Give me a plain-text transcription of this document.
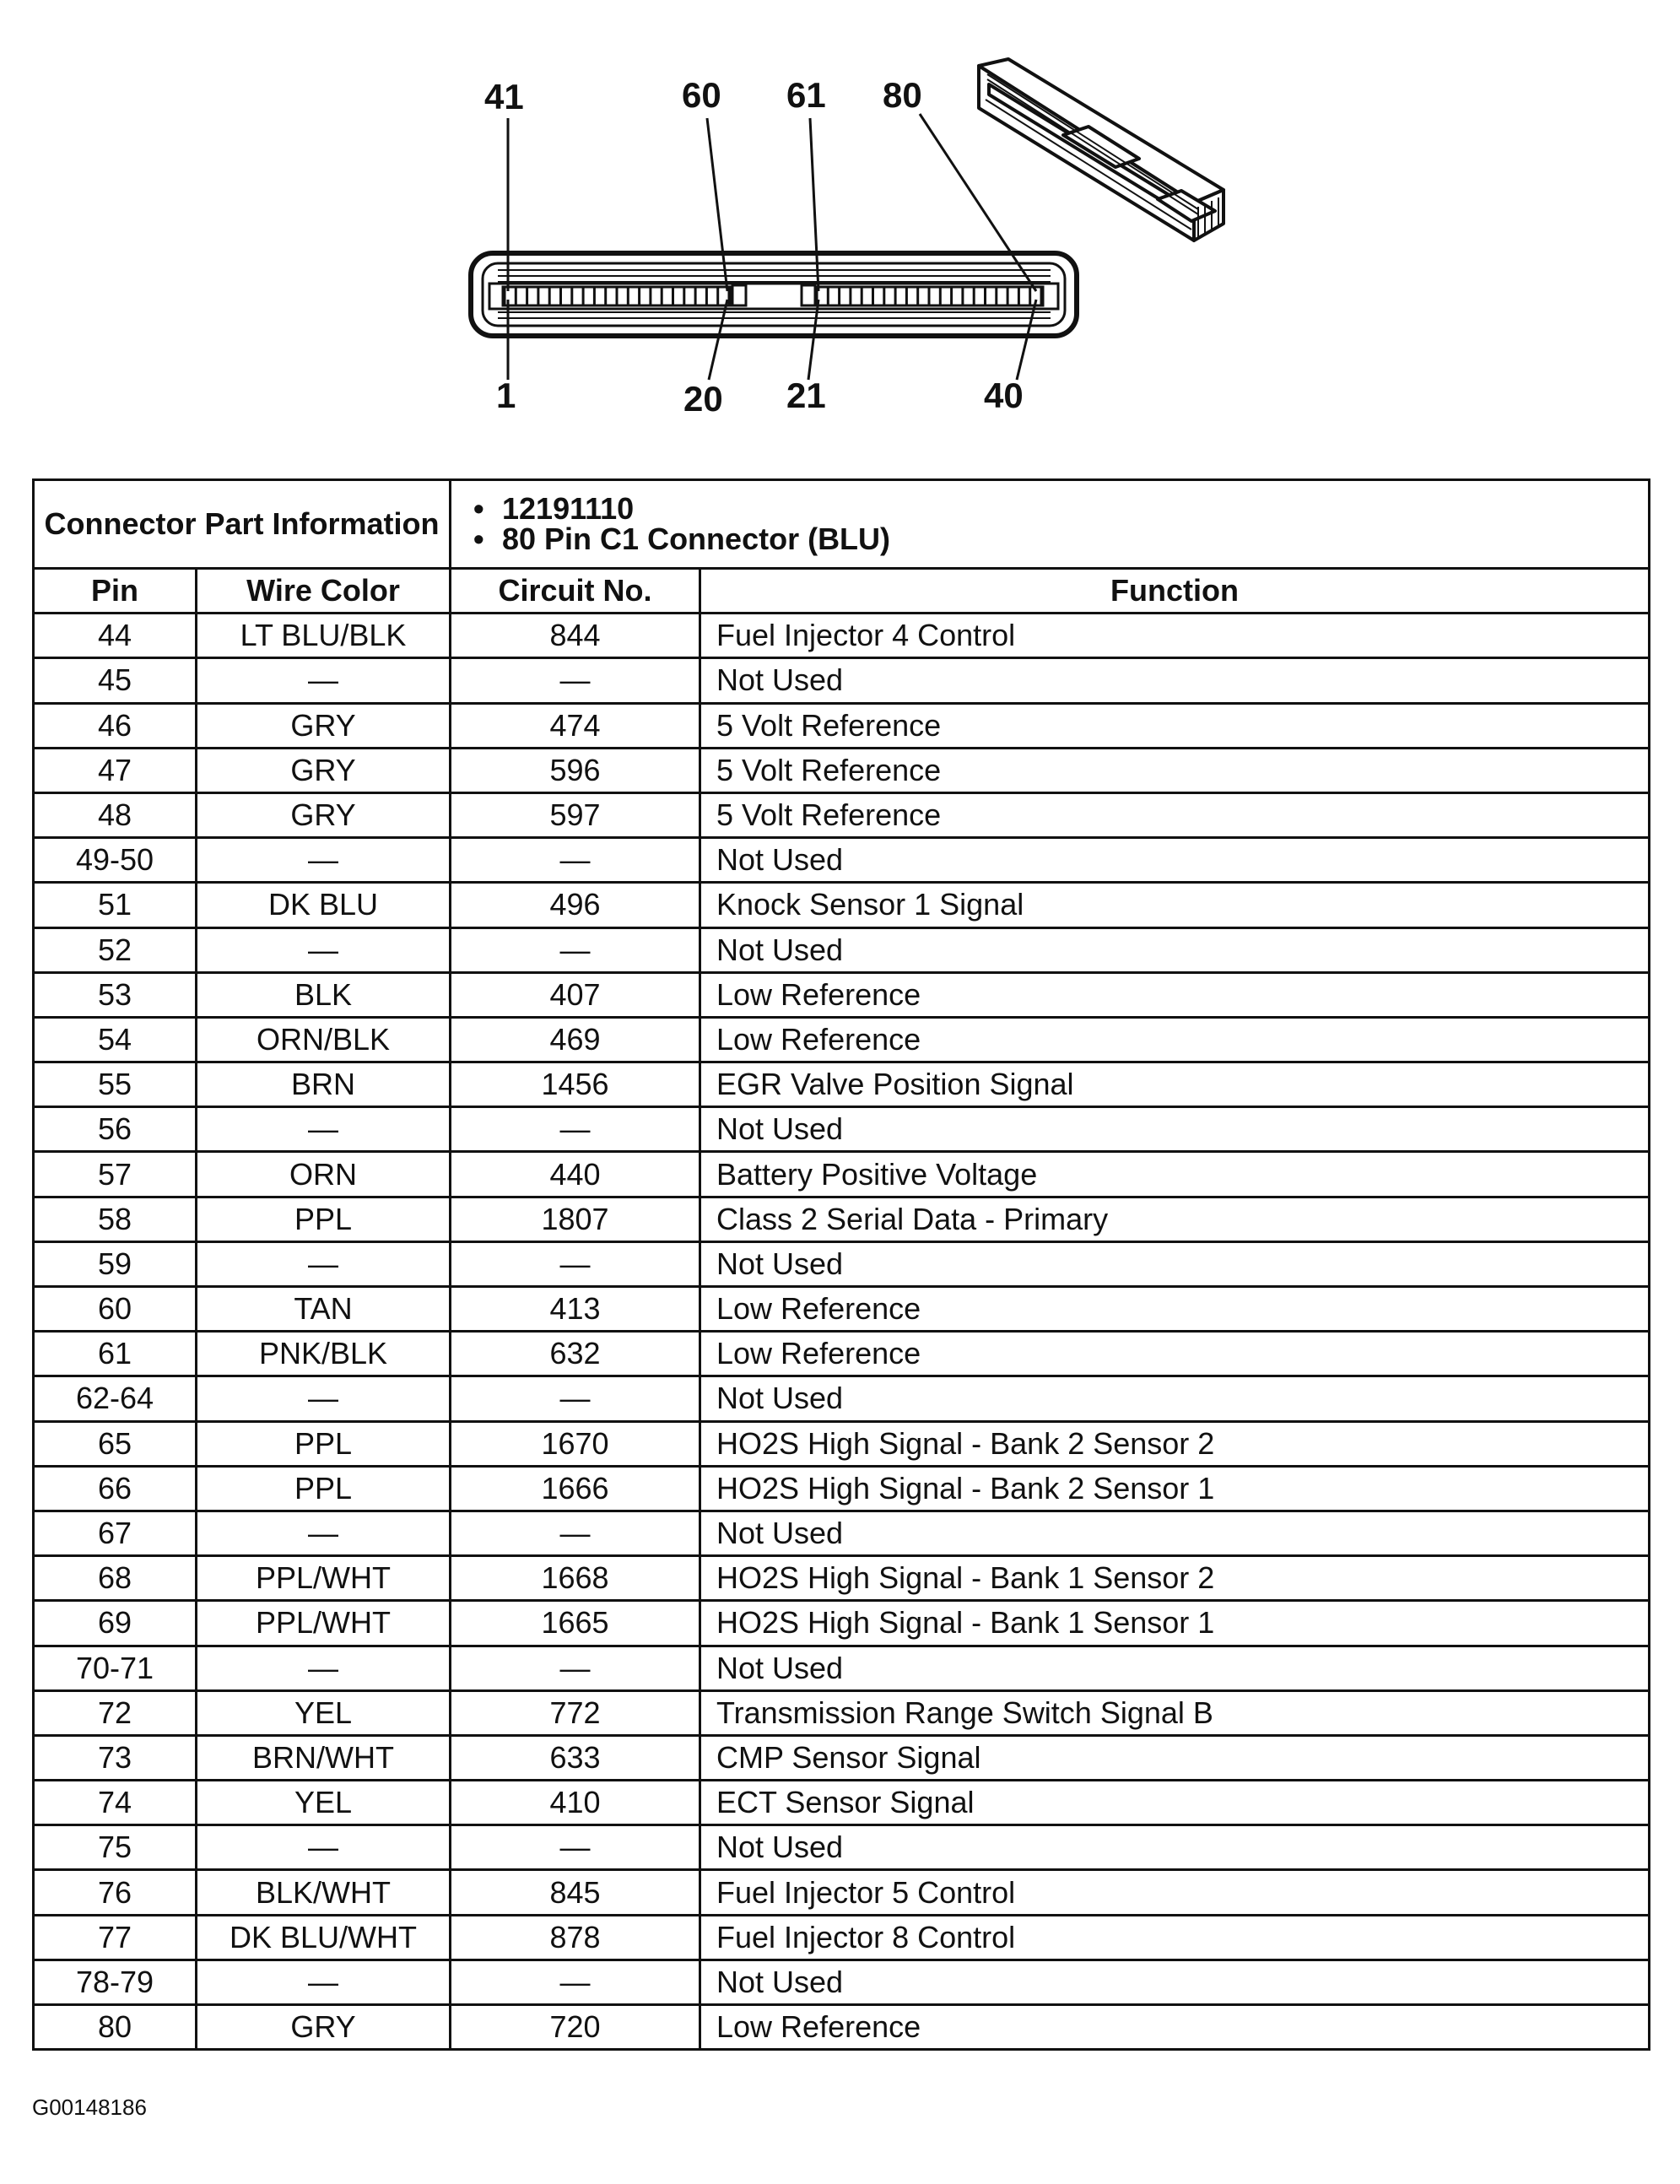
41	60 61 80
1	20 21	40
Connector Part Information		• 12191110
• 80 Pin C1 Connector (BLU)

Pin	Wire Color	Circuit No.	Function
44	LT BLU/BLK	844	Fuel Injector 4 Control
45	—	—	Not Used
46	GRY	474	5 Volt Reference
47	GRY	596	5 Volt Reference
48	GRY	597	5 Volt Reference
49-50	—	—	Not Used
51	DK BLU	496	Knock Sensor 1 Signal
52	—	—	Not Used
53	BLK	407	Low Reference
54	ORN/BLK	469	Low Reference
55	BRN	1456	EGR Valve Position Signal
56	—	—	Not Used
57	ORN	440	Battery Positive Voltage
58	PPL	1807	Class 2 Serial Data - Primary
59	—	—	Not Used
60	TAN	413	Low Reference
61	PNK/BLK	632	Low Reference
62-64	—	—	Not Used
65	PPL	1670	HO2S High Signal - Bank 2 Sensor 2
66	PPL	1666	HO2S High Signal - Bank 2 Sensor 1
67	—	—	Not Used
68	PPL/WHT	1668	HO2S High Signal - Bank 1 Sensor 2
69	PPL/WHT	1665	HO2S High Signal - Bank 1 Sensor 1
70-71	—	—	Not Used
72	YEL	772	Transmission Range Switch Signal B
73	BRN/WHT	633	CMP Sensor Signal
74	YEL	410	ECT Sensor Signal
75	—	—	Not Used
76	BLK/WHT	845	Fuel Injector 5 Control
77	DK BLU/WHT	878	Fuel Injector 8 Control
78-79	—	—	Not Used
80	GRY	720	Low Reference
G00148186
